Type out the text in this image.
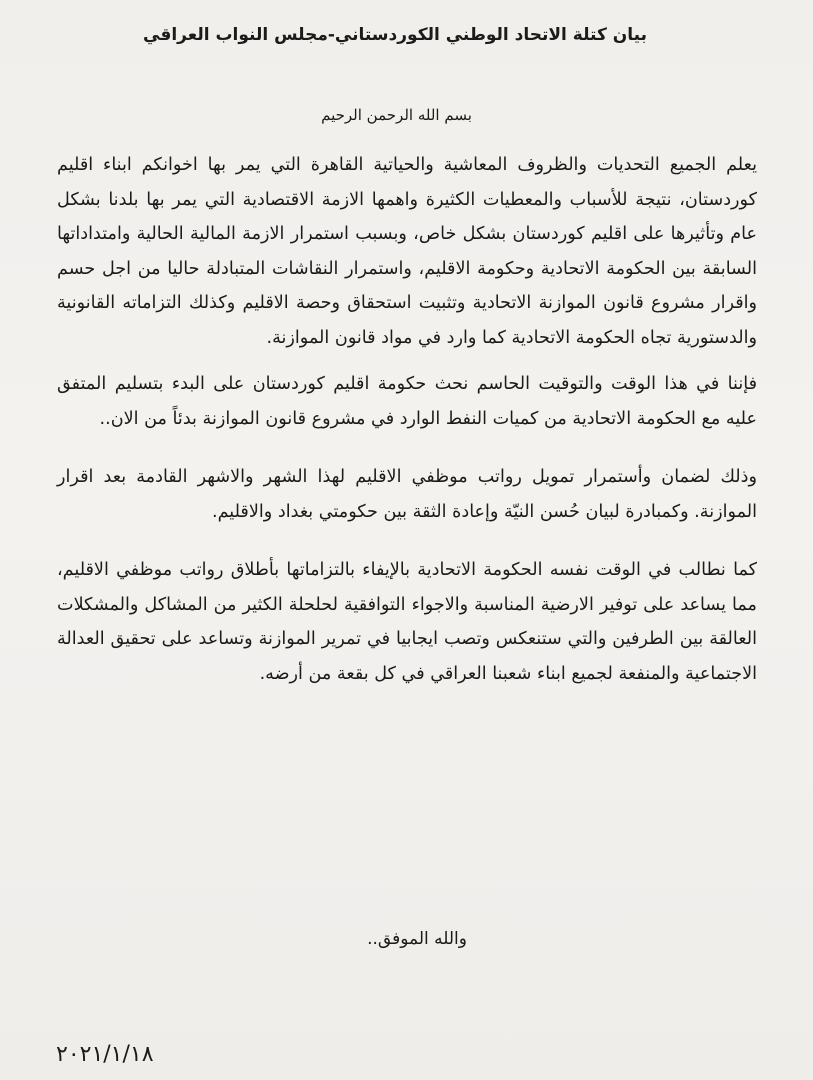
بيان كتلة الاتحاد الوطني الكوردستاني-مجلس النواب العراقي
بسم الله الرحمن الرحيم

يعلم الجميع التحديات والظروف المعاشية والحياتية القاهرة التي يمر بها اخوانكم ابناء اقليم كوردستان، نتيجة للأسباب والمعطيات الكثيرة واهمها الازمة الاقتصادية التي يمر بها بلدنا بشكل عام وتأثيرها على اقليم كوردستان بشكل خاص، وبسبب استمرار الازمة المالية الحالية وامتداداتها السابقة بين الحكومة الاتحادية وحكومة الاقليم، واستمرار النقاشات المتبادلة حاليا من اجل حسم واقرار مشروع قانون الموازنة الاتحادية وتثبيت استحقاق وحصة الاقليم وكذلك التزاماته القانونية والدستورية تجاه الحكومة الاتحادية كما وارد في مواد قانون الموازنة.

فإننا في هذا الوقت والتوقيت الحاسم نحث حكومة اقليم كوردستان على البدء بتسليم المتفق عليه مع الحكومة الاتحادية من كميات النفط الوارد في مشروع قانون الموازنة بدئاً من الان..

وذلك لضمان وأستمرار تمويل رواتب موظفي الاقليم لهذا الشهر والاشهر القادمة بعد اقرار الموازنة. وكمبادرة لبيان حُسن النيّة وإعادة الثقة بين حكومتي بغداد والاقليم.

كما نطالب في الوقت نفسه الحكومة الاتحادية بالإيفاء بالتزاماتها بأطلاق رواتب موظفي الاقليم، مما يساعد على توفير الارضية المناسبة والاجواء التوافقية لحلحلة الكثير من المشاكل والمشكلات العالقة بين الطرفين والتي ستنعكس وتصب ايجابيا في تمرير الموازنة وتساعد على تحقيق العدالة الاجتماعية والمنفعة لجميع ابناء شعبنا العراقي في كل بقعة من أرضه.

والله الموفق..
٢٠٢١/١/١٨
